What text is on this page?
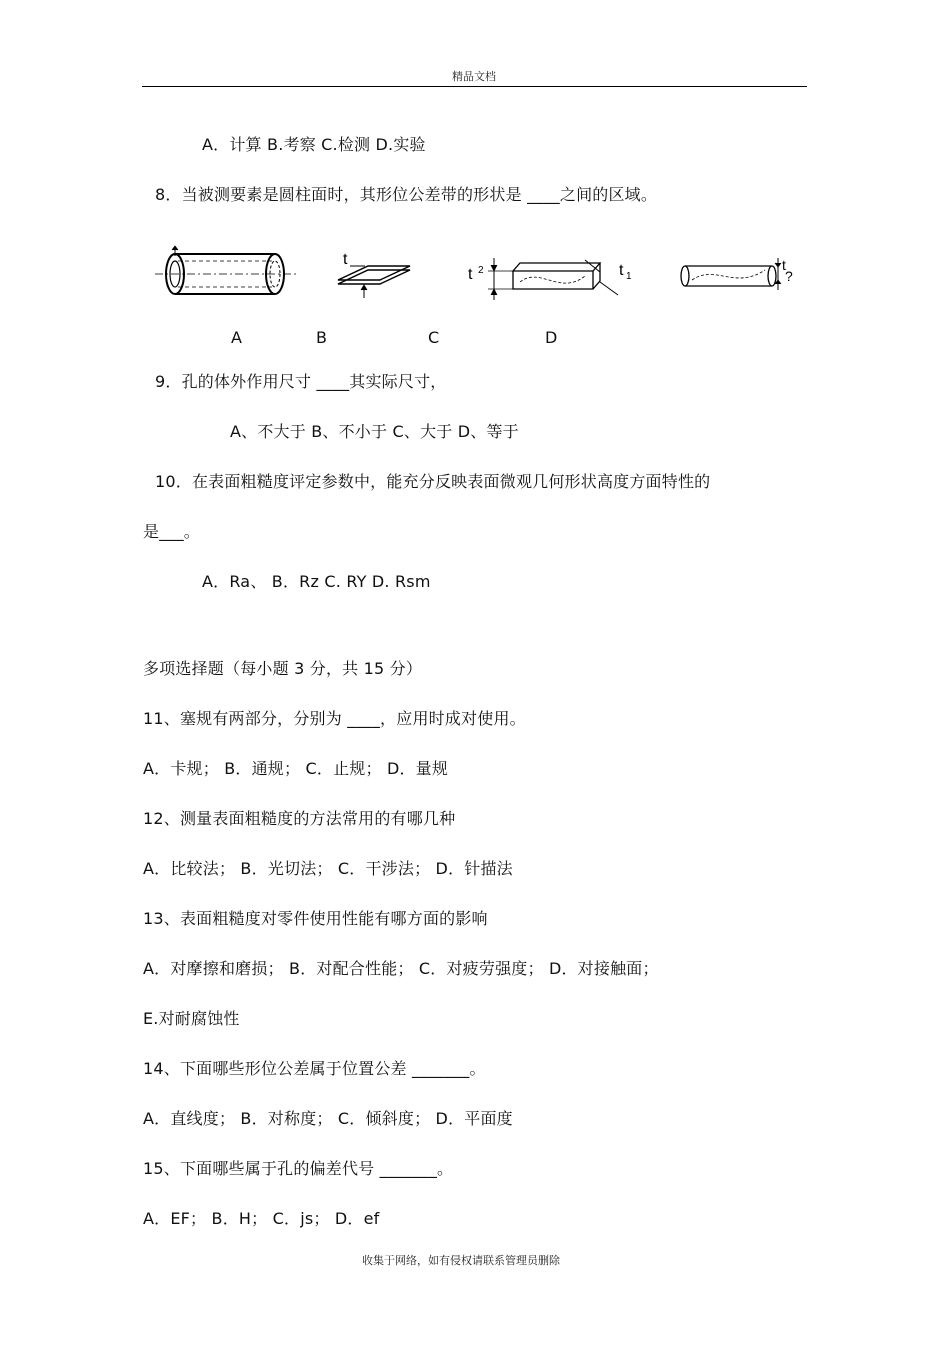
精品文档
A．计算 B.考察 C.检测 D.实验
8．当被测要素是圆柱面时，其形位公差带的形状是 ____之间的区域。
t
t 2	t 1
t
?
A	B	C	D
9．孔的体外作用尺寸 ____其实际尺寸，
A、不大于 B、不小于 C、大于 D、等于
10．在表面粗糙度评定参数中，能充分反映表面微观几何形状高度方面特性的
是___。
A．Ra、 B．Rz C. RY D. Rsm
多项选择题（每小题 3 分，共 15 分）
11、塞规有两部分，分别为 ____，应用时成对使用。
A．卡规； B．通规； C．止规； D．量规
12、测量表面粗糙度的方法常用的有哪几种
A．比较法； B．光切法； C．干涉法； D．针描法
13、表面粗糙度对零件使用性能有哪方面的影响
A．对摩擦和磨损； B．对配合性能； C．对疲劳强度； D．对接触面；
E.对耐腐蚀性
14、下面哪些形位公差属于位置公差 _______。
A．直线度； B．对称度； C．倾斜度； D．平面度
15、下面哪些属于孔的偏差代号 _______。
A．EF； B．H； C．js； D．ef
收集于网络，如有侵权请联系管理员删除
